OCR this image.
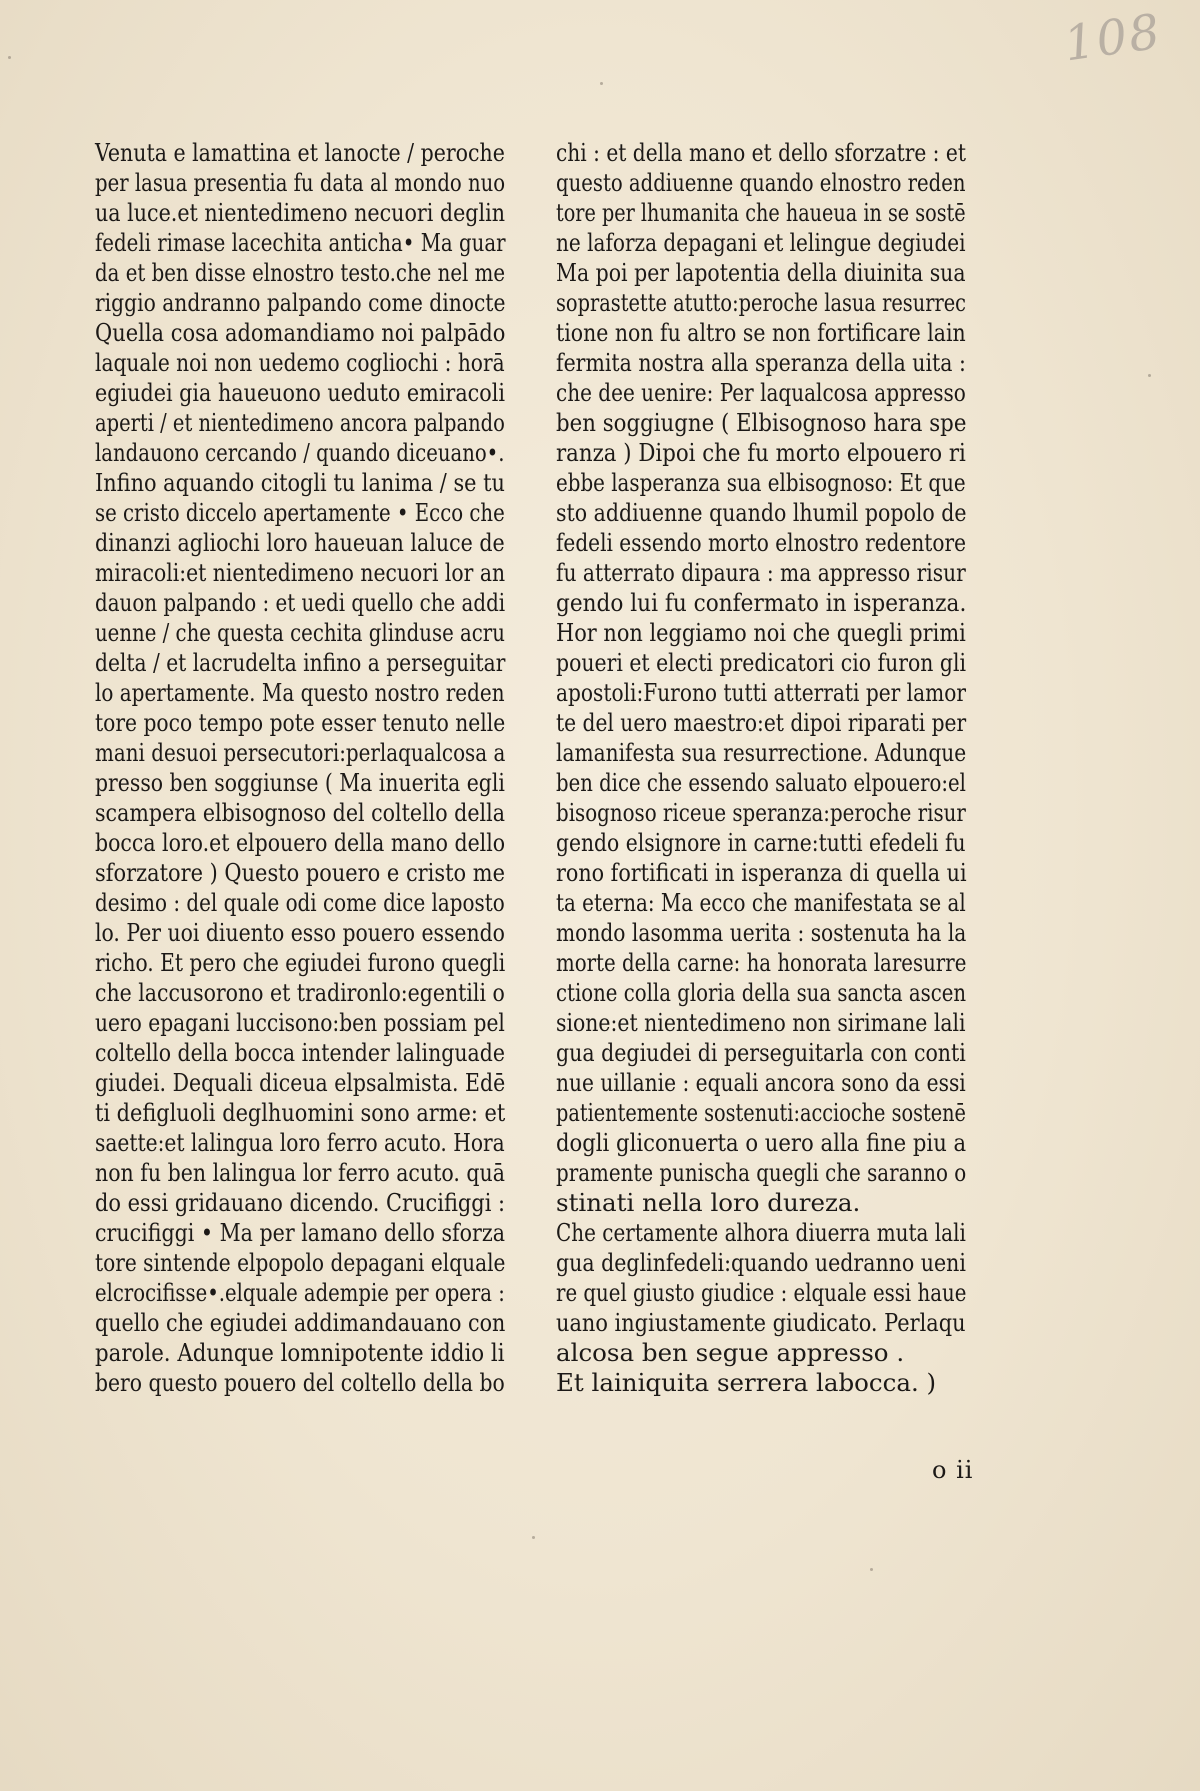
108
Venuta e lamattina et lanocte / peroche
per lasua presentia fu data al mondo nuo
ua luce.et nientedimeno necuori deglin
fedeli rimase lacechita anticha• Ma guar
da et ben disse elnostro testo.che nel me
riggio andranno palpando come dinocte
Quella cosa adomandiamo noi palpādo
laquale noi non uedemo cogliochi : horā
egiudei gia haueuono ueduto emiracoli
aperti / et nientedimeno ancora palpando
landauono cercando / quando diceuano•.
Infino aquando citogli tu lanima / se tu
se cristo diccelo apertamente • Ecco che
dinanzi agliochi loro haueuan laluce de
miracoli:et nientedimeno necuori lor an
dauon palpando : et uedi quello che addi
uenne / che questa cechita glinduse acru
delta / et lacrudelta infino a perseguitar
lo apertamente. Ma questo nostro reden
tore poco tempo pote esser tenuto nelle
mani desuoi persecutori:perlaqualcosa a
presso ben soggiunse ( Ma inuerita egli
scampera elbisognoso del coltello della
bocca loro.et elpouero della mano dello
sforzatore ) Questo pouero e cristo me
desimo : del quale odi come dice laposto
lo. Per uoi diuento esso pouero essendo
richo. Et pero che egiudei furono quegli
che laccusorono et tradironlo:egentili o
uero epagani luccisono:ben possiam pel
coltello della bocca intender lalinguade
giudei. Dequali diceua elpsalmista. Edē
ti defigluoli deglhuomini sono arme: et
saette:et lalingua loro ferro acuto. Hora
non fu ben lalingua lor ferro acuto. quā
do essi gridauano dicendo. Crucifiggi :
crucifiggi • Ma per lamano dello sforza
tore sintende elpopolo depagani elquale
elcrocifisse•.elquale adempie per opera :
quello che egiudei addimandauano con
parole. Adunque lomnipotente iddio li
bero questo pouero del coltello della bo
chi : et della mano et dello sforzatre : et
questo addiuenne quando elnostro reden
tore per lhumanita che haueua in se sostē
ne laforza depagani et lelingue degiudei
Ma poi per lapotentia della diuinita sua
soprastette atutto:peroche lasua resurrec
tione non fu altro se non fortificare lain
fermita nostra alla speranza della uita :
che dee uenire: Per laqualcosa appresso
ben soggiugne ( Elbisognoso hara spe
ranza ) Dipoi che fu morto elpouero ri
ebbe lasperanza sua elbisognoso: Et que
sto addiuenne quando lhumil popolo de
fedeli essendo morto elnostro redentore
fu atterrato dipaura : ma appresso risur
gendo lui fu confermato in isperanza.
Hor non leggiamo noi che quegli primi
poueri et electi predicatori cio furon gli
apostoli:Furono tutti atterrati per lamor
te del uero maestro:et dipoi riparati per
lamanifesta sua resurrectione. Adunque
ben dice che essendo saluato elpouero:el
bisognoso riceue speranza:peroche risur
gendo elsignore in carne:tutti efedeli fu
rono fortificati in isperanza di quella ui
ta eterna: Ma ecco che manifestata se al
mondo lasomma uerita : sostenuta ha la
morte della carne: ha honorata laresurre
ctione colla gloria della sua sancta ascen
sione:et nientedimeno non sirimane lali
gua degiudei di perseguitarla con conti
nue uillanie : equali ancora sono da essi
patientemente sostenuti:accioche sostenē
dogli gliconuerta o uero alla fine piu a
pramente punischa quegli che saranno o
stinati nella loro dureza.
Che certamente alhora diuerra muta lali
gua deglinfedeli:quando uedranno ueni
re quel giusto giudice : elquale essi haue
uano ingiustamente giudicato. Perlaqu
alcosa ben segue appresso .
Et lainiquita serrera labocca. )
o ii
